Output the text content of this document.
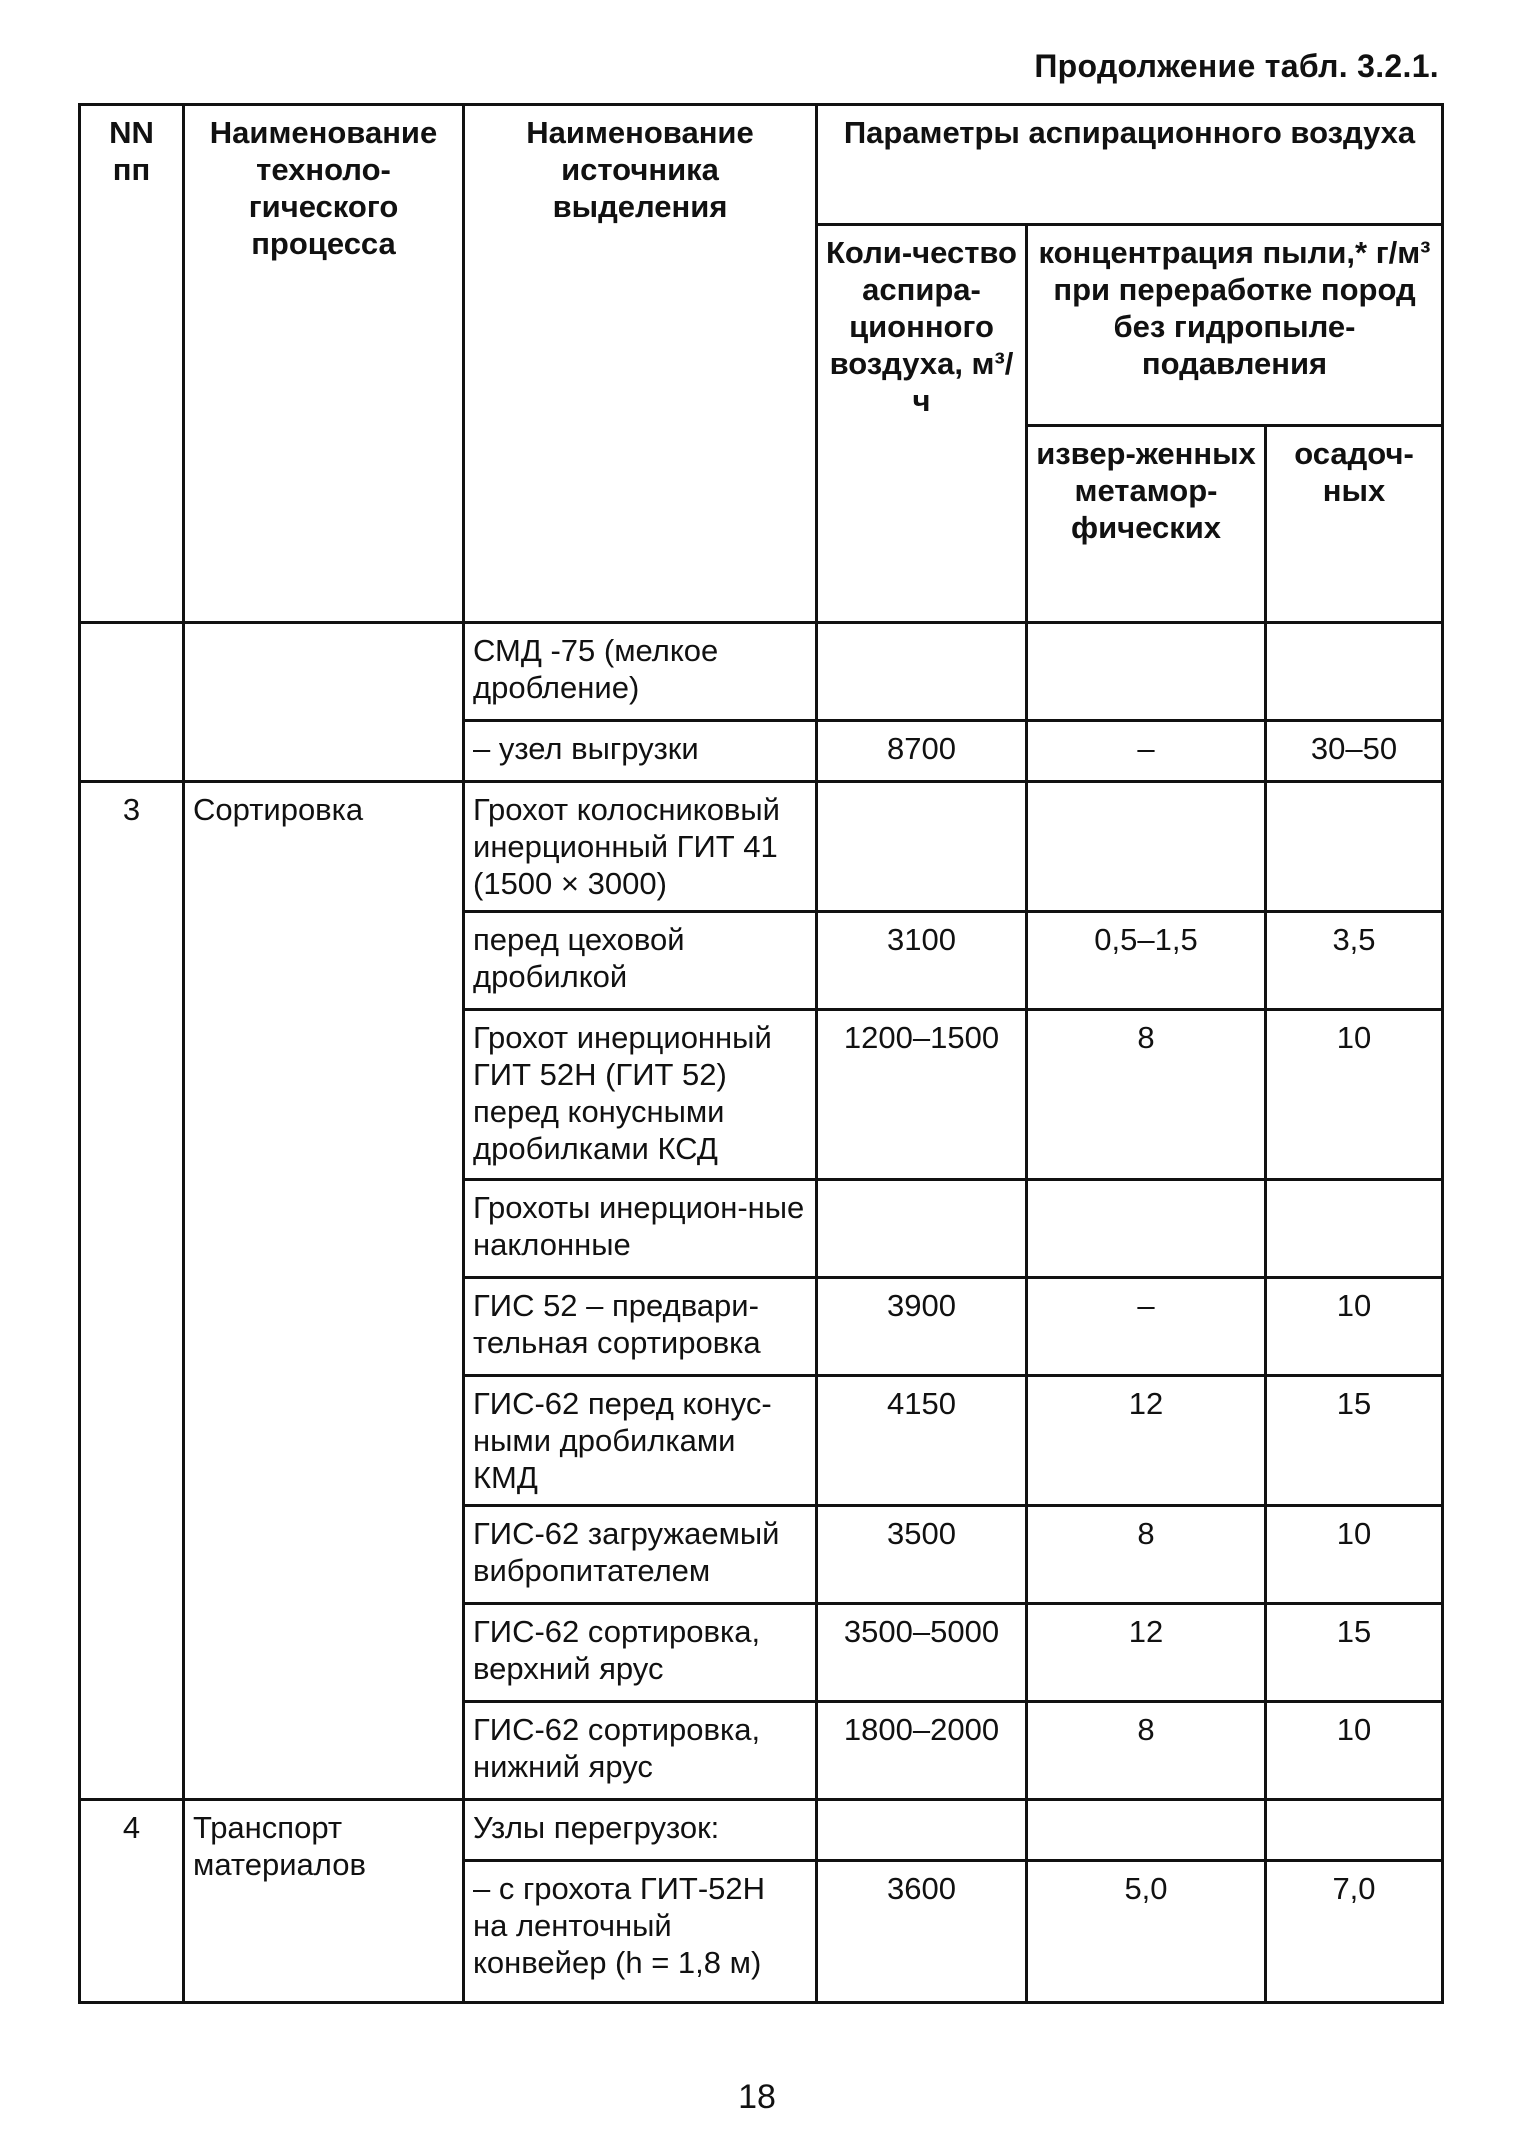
Продолжение табл. 3.2.1.
NN пп	Наименование техноло-гического процесса	Наименование источника выделения	Параметры аспирационного воздуха		
			Коли-чество аспира-ционного воздуха, м³/ч	концентрация пыли,* г/м³ при переработке пород без гидропыле-подавления	
				извер-женных метамор-фических	осадоч-ных
		СМД -75 (мелкое дробление)			
		– узел выгрузки	8700	–	30–50
3	Сортировка	Грохот колосниковый инерционный ГИТ 41 (1500 × 3000)			
		перед цеховой дробилкой	3100	0,5–1,5	3,5
		Грохот инерционный ГИТ 52Н (ГИТ 52) перед конусными дробилками КСД	1200–1500	8	10
		Грохоты инерцион-ные наклонные			
		ГИС 52 – предвари-тельная сортировка	3900	–	10
		ГИС-62 перед конус-ными дробилками КМД	4150	12	15
		ГИС-62 загружаемый вибропитателем	3500	8	10
		ГИС-62 сортировка, верхний ярус	3500–5000	12	15
		ГИС-62 сортировка, нижний ярус	1800–2000	8	10
4	Транспорт материалов	Узлы перегрузок:			
		– с грохота ГИТ-52Н на ленточный конвейер (h = 1,8 м)	3600	5,0	7,0
18
